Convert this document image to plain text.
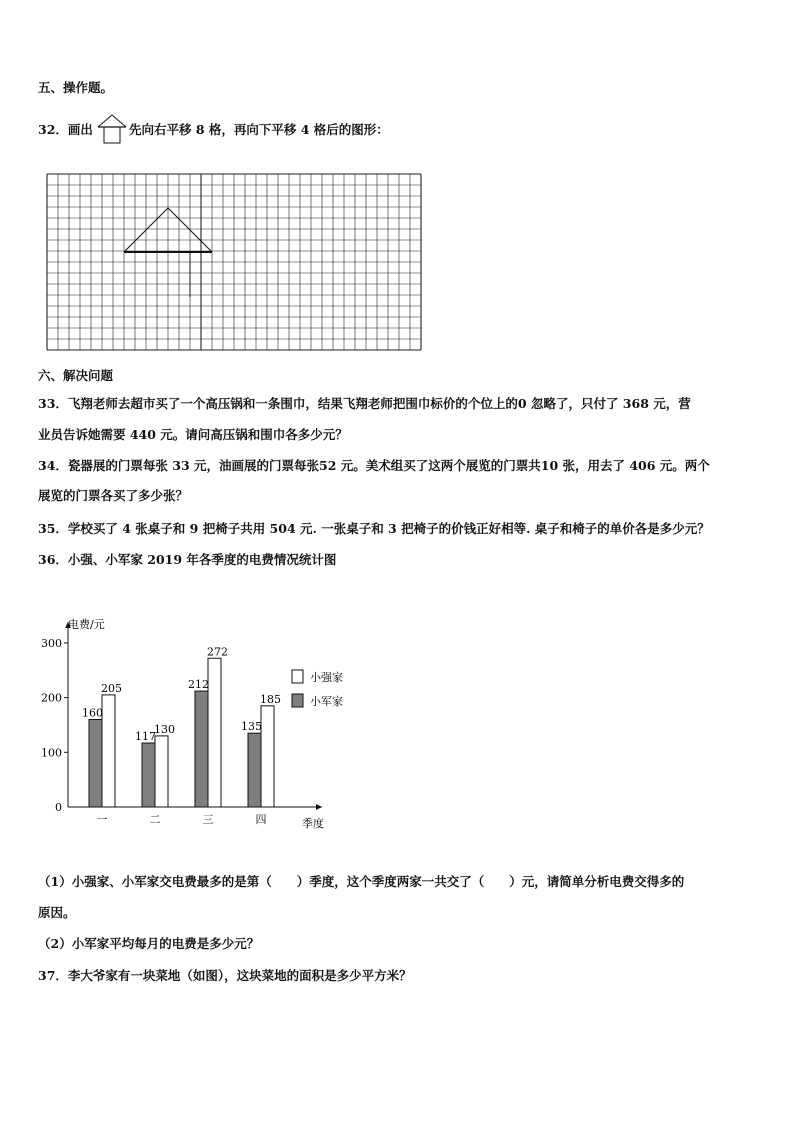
五、操作题。
32．画出	先向右平移 8 格，再向下平移 4 格后的图形：
六、解决问题
33．飞翔老师去超市买了一个高压锅和一条围巾，结果飞翔老师把围巾标价的个位上的0 忽略了，只付了 368 元，营
业员告诉她需要 440 元。请问高压锅和围巾各多少元？
34．瓷器展的门票每张 33 元，油画展的门票每张52 元。美术组买了这两个展览的门票共10 张，用去了 406 元。两个
展览的门票各买了多少张？
35．学校买了 4 张桌子和 9 把椅子共用 504 元. 一张桌子和 3 把椅子的价钱正好相等. 桌子和椅子的单价各是多少元？
36．小强、小军家 2019 年各季度的电费情况统计图
电费/元
季度
0
100
200
300
160
205
一
117
130
二
212
272
三
135
185
四
小强家
小军家
（1）小强家、小军家交电费最多的是第（　　）季度，这个季度两家一共交了（　　）元，请简单分析电费交得多的
原因。
（2）小军家平均每月的电费是多少元？
37．李大爷家有一块菜地（如图），这块菜地的面积是多少平方米？
